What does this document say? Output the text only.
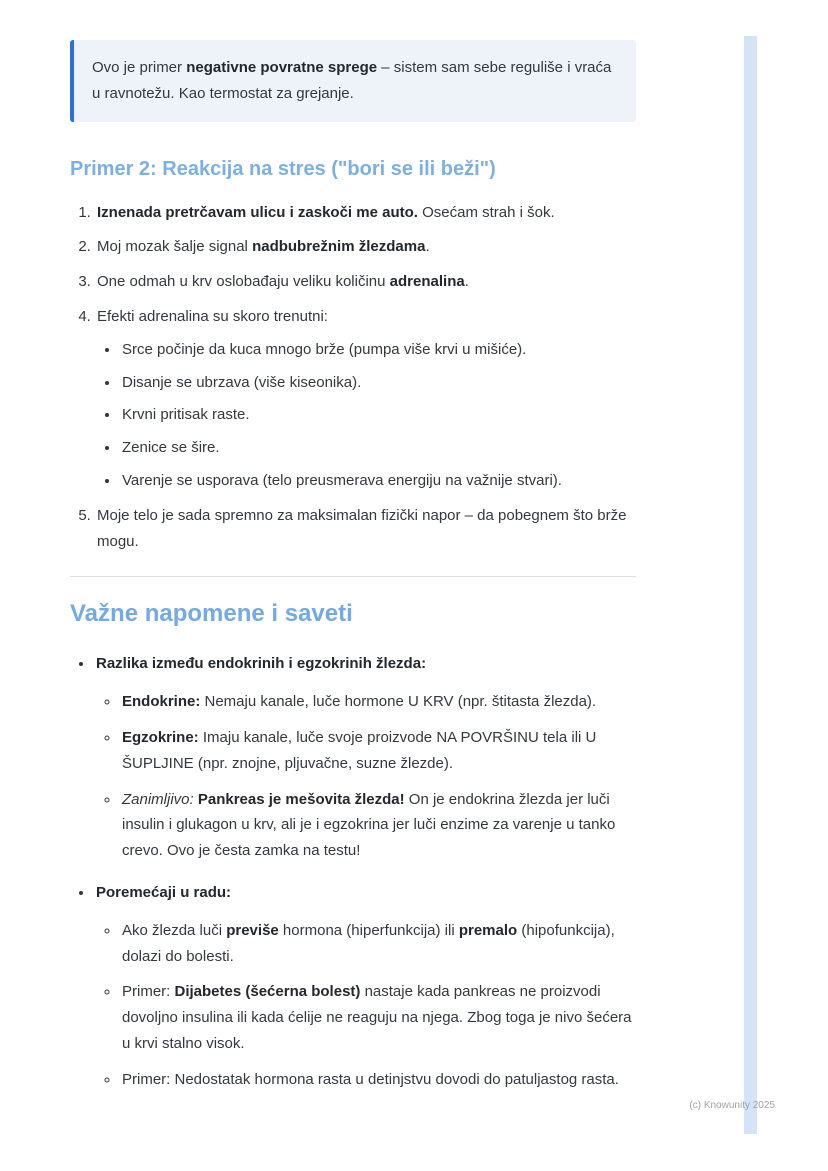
Ovo je primer negativne povratne sprege – sistem sam sebe reguliše i vraća u ravnotežu. Kao termostat za grejanje.
Primer 2: Reakcija na stres ("bori se ili beži")
1. Iznenada pretrčavam ulicu i zaskoči me auto. Osećam strah i šok.
2. Moj mozak šalje signal nadbubrežnim žlezdama.
3. One odmah u krv oslobađaju veliku količinu adrenalina.
4. Efekti adrenalina su skoro trenutni:
• Srce počinje da kuca mnogo brže (pumpa više krvi u mišiće).
• Disanje se ubrzava (više kiseonika).
• Krvni pritisak raste.
• Zenice se šire.
• Varenje se usporava (telo preusmerava energiju na važnije stvari).
5. Moje telo je sada spremno za maksimalan fizički napor – da pobegnem što brže mogu.
Važne napomene i saveti
• Razlika između endokrinih i egzokrinih žlezda:
◦ Endokrine: Nemaju kanale, luče hormone U KRV (npr. štitasta žlezda).
◦ Egzokrine: Imaju kanale, luče svoje proizvode NA POVRŠINU tela ili U ŠUPLJINE (npr. znojne, pljuvačne, suzne žlezde).
◦ Zanimljivo: Pankreas je mešovita žlezda! On je endokrina žlezda jer luči insulin i glukagon u krv, ali je i egzokrina jer luči enzime za varenje u tanko crevo. Ovo je česta zamka na testu!
• Poremećaji u radu:
◦ Ako žlezda luči previše hormona (hiperfunkcija) ili premalo (hipofunkcija), dolazi do bolesti.
◦ Primer: Dijabetes (šećerna bolest) nastaje kada pankreas ne proizvodi dovoljno insulina ili kada ćelije ne reaguju na njega. Zbog toga je nivo šećera u krvi stalno visok.
◦ Primer: Nedostatak hormona rasta u detinjstvu dovodi do patuljastog rasta.
(c) Knowunity 2025
